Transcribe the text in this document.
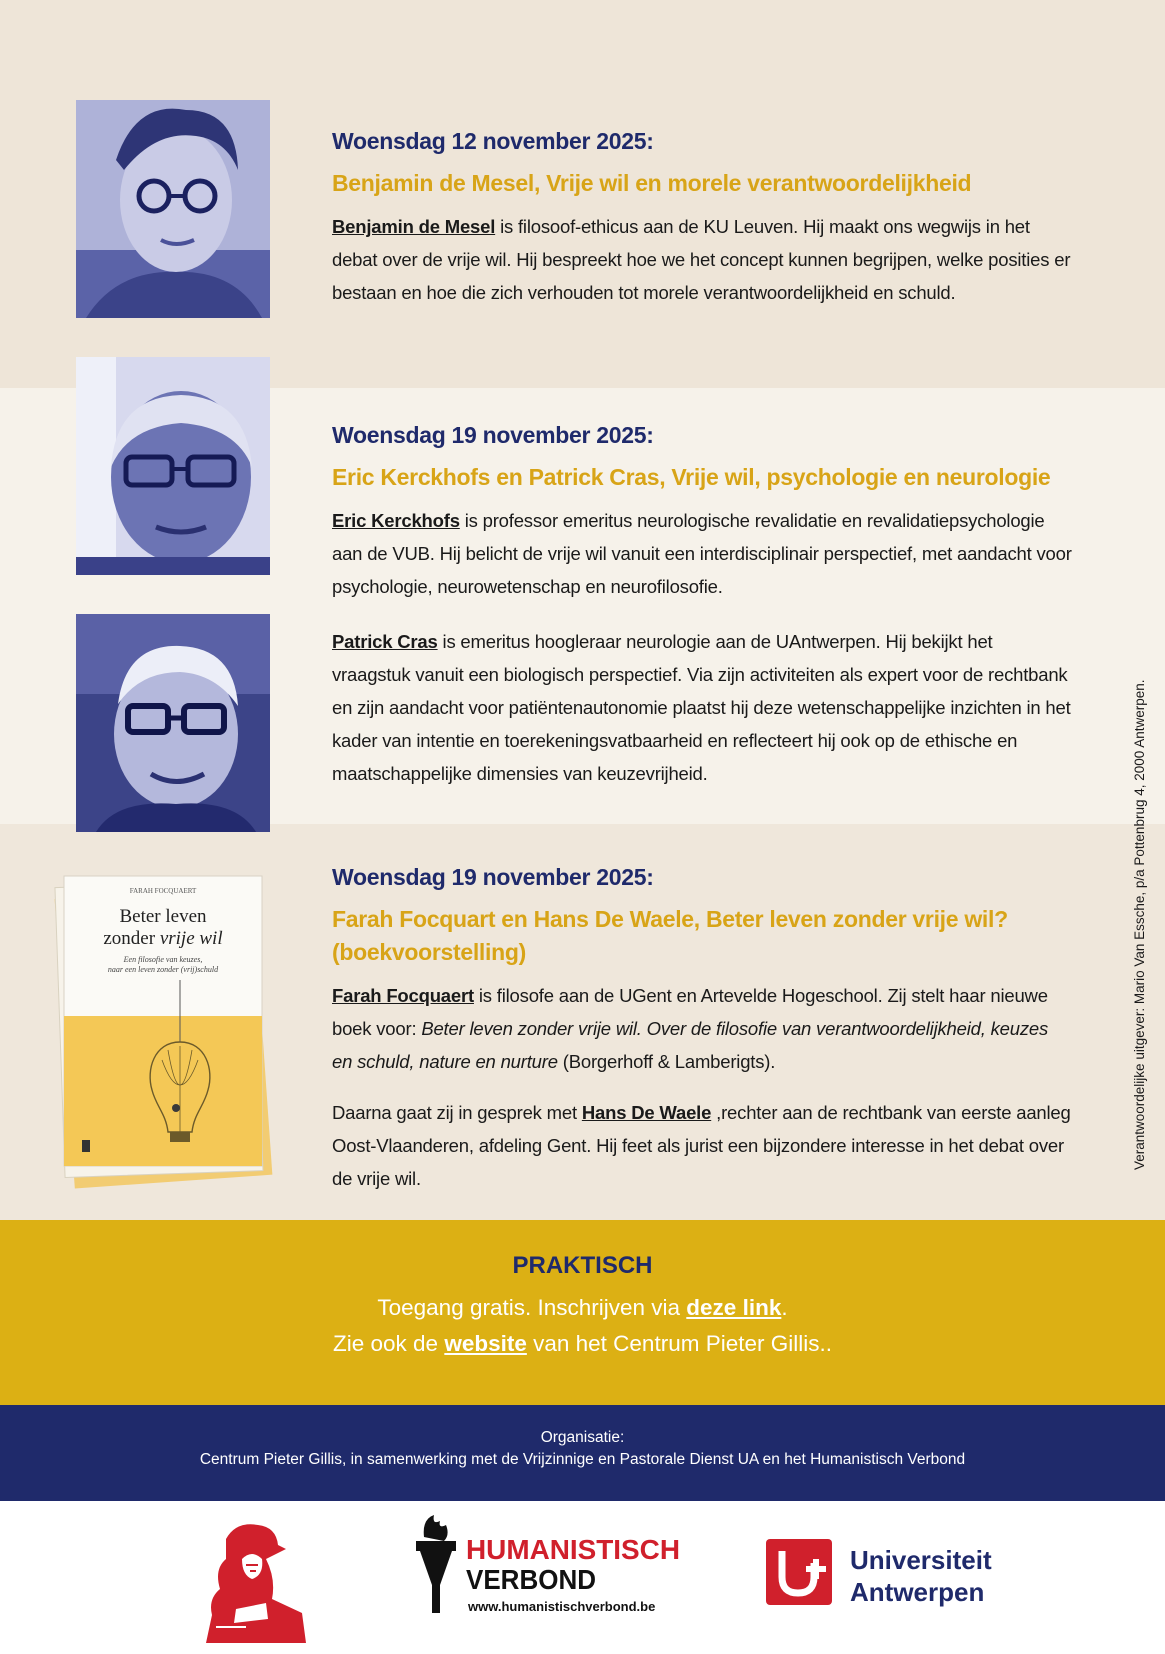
Woensdag 12 november 2025:

Benjamin de Mesel, Vrije wil en morele verantwoordelijkheid

Benjamin de Mesel is filosoof-ethicus aan de KU Leuven. Hij maakt ons wegwijs in het debat over de vrije wil. Hij bespreekt hoe we het concept kunnen begrijpen, welke posities er bestaan en hoe die zich verhouden tot morele verantwoordelijkheid en schuld.

Woensdag 19 november 2025:

Eric Kerckhofs en Patrick Cras, Vrije wil, psychologie en neurologie

Eric Kerckhofs is professor emeritus neurologische revalidatie en revalidatiepsychologie aan de VUB. Hij belicht de vrije wil vanuit een interdisciplinair perspectief, met aandacht voor psychologie, neurowetenschap en neurofilosofie.

Patrick Cras is emeritus hoogleraar neurologie aan de UAntwerpen. Hij bekijkt het vraagstuk vanuit een biologisch perspectief. Via zijn activiteiten als expert voor de rechtbank en zijn aandacht voor patiëntenautonomie plaatst hij deze wetenschappelijke inzichten in het kader van intentie en toerekeningsvatbaarheid en reflecteert hij ook op de ethische en maatschappelijke dimensies van keuzevrijheid.

Woensdag 19 november 2025:

Farah Focquart en Hans De Waele, Beter leven zonder vrije wil? (boekvoorstelling)

Farah Focquaert is filosofe aan de UGent en Artevelde Hogeschool. Zij stelt haar nieuwe boek voor: Beter leven zonder vrije wil. Over de filosofie van verantwoordelijkheid, keuzes en schuld, nature en nurture (Borgerhoff & Lamberigts).

Daarna gaat zij in gesprek met Hans De Waele ,rechter aan de rechtbank van eerste aanleg Oost-Vlaanderen, afdeling Gent. Hij feet als jurist een bijzondere interesse in het debat over de vrije wil.

FARAH FOCQUAERT
Beter leven
zonder vrije wil
Een filosofie van keuzes,
naar een leven zonder (vrij)schuld	Verantwoordelijke uitgever: Mario Van Essche, p/a Pottenbrug 4, 2000 Antwerpen.

PRAKTISCH

Toegang gratis. Inschrijven via deze link.
Zie ook de website van het Centrum Pieter Gillis..

Organisatie:

Centrum Pieter Gillis, in samenwerking met de Vrijzinnige en Pastorale Dienst UA en het Humanistisch Verbond

HUMANISTISCH
VERBOND
www.humanistischverbond.be
Universiteit
Antwerpen
